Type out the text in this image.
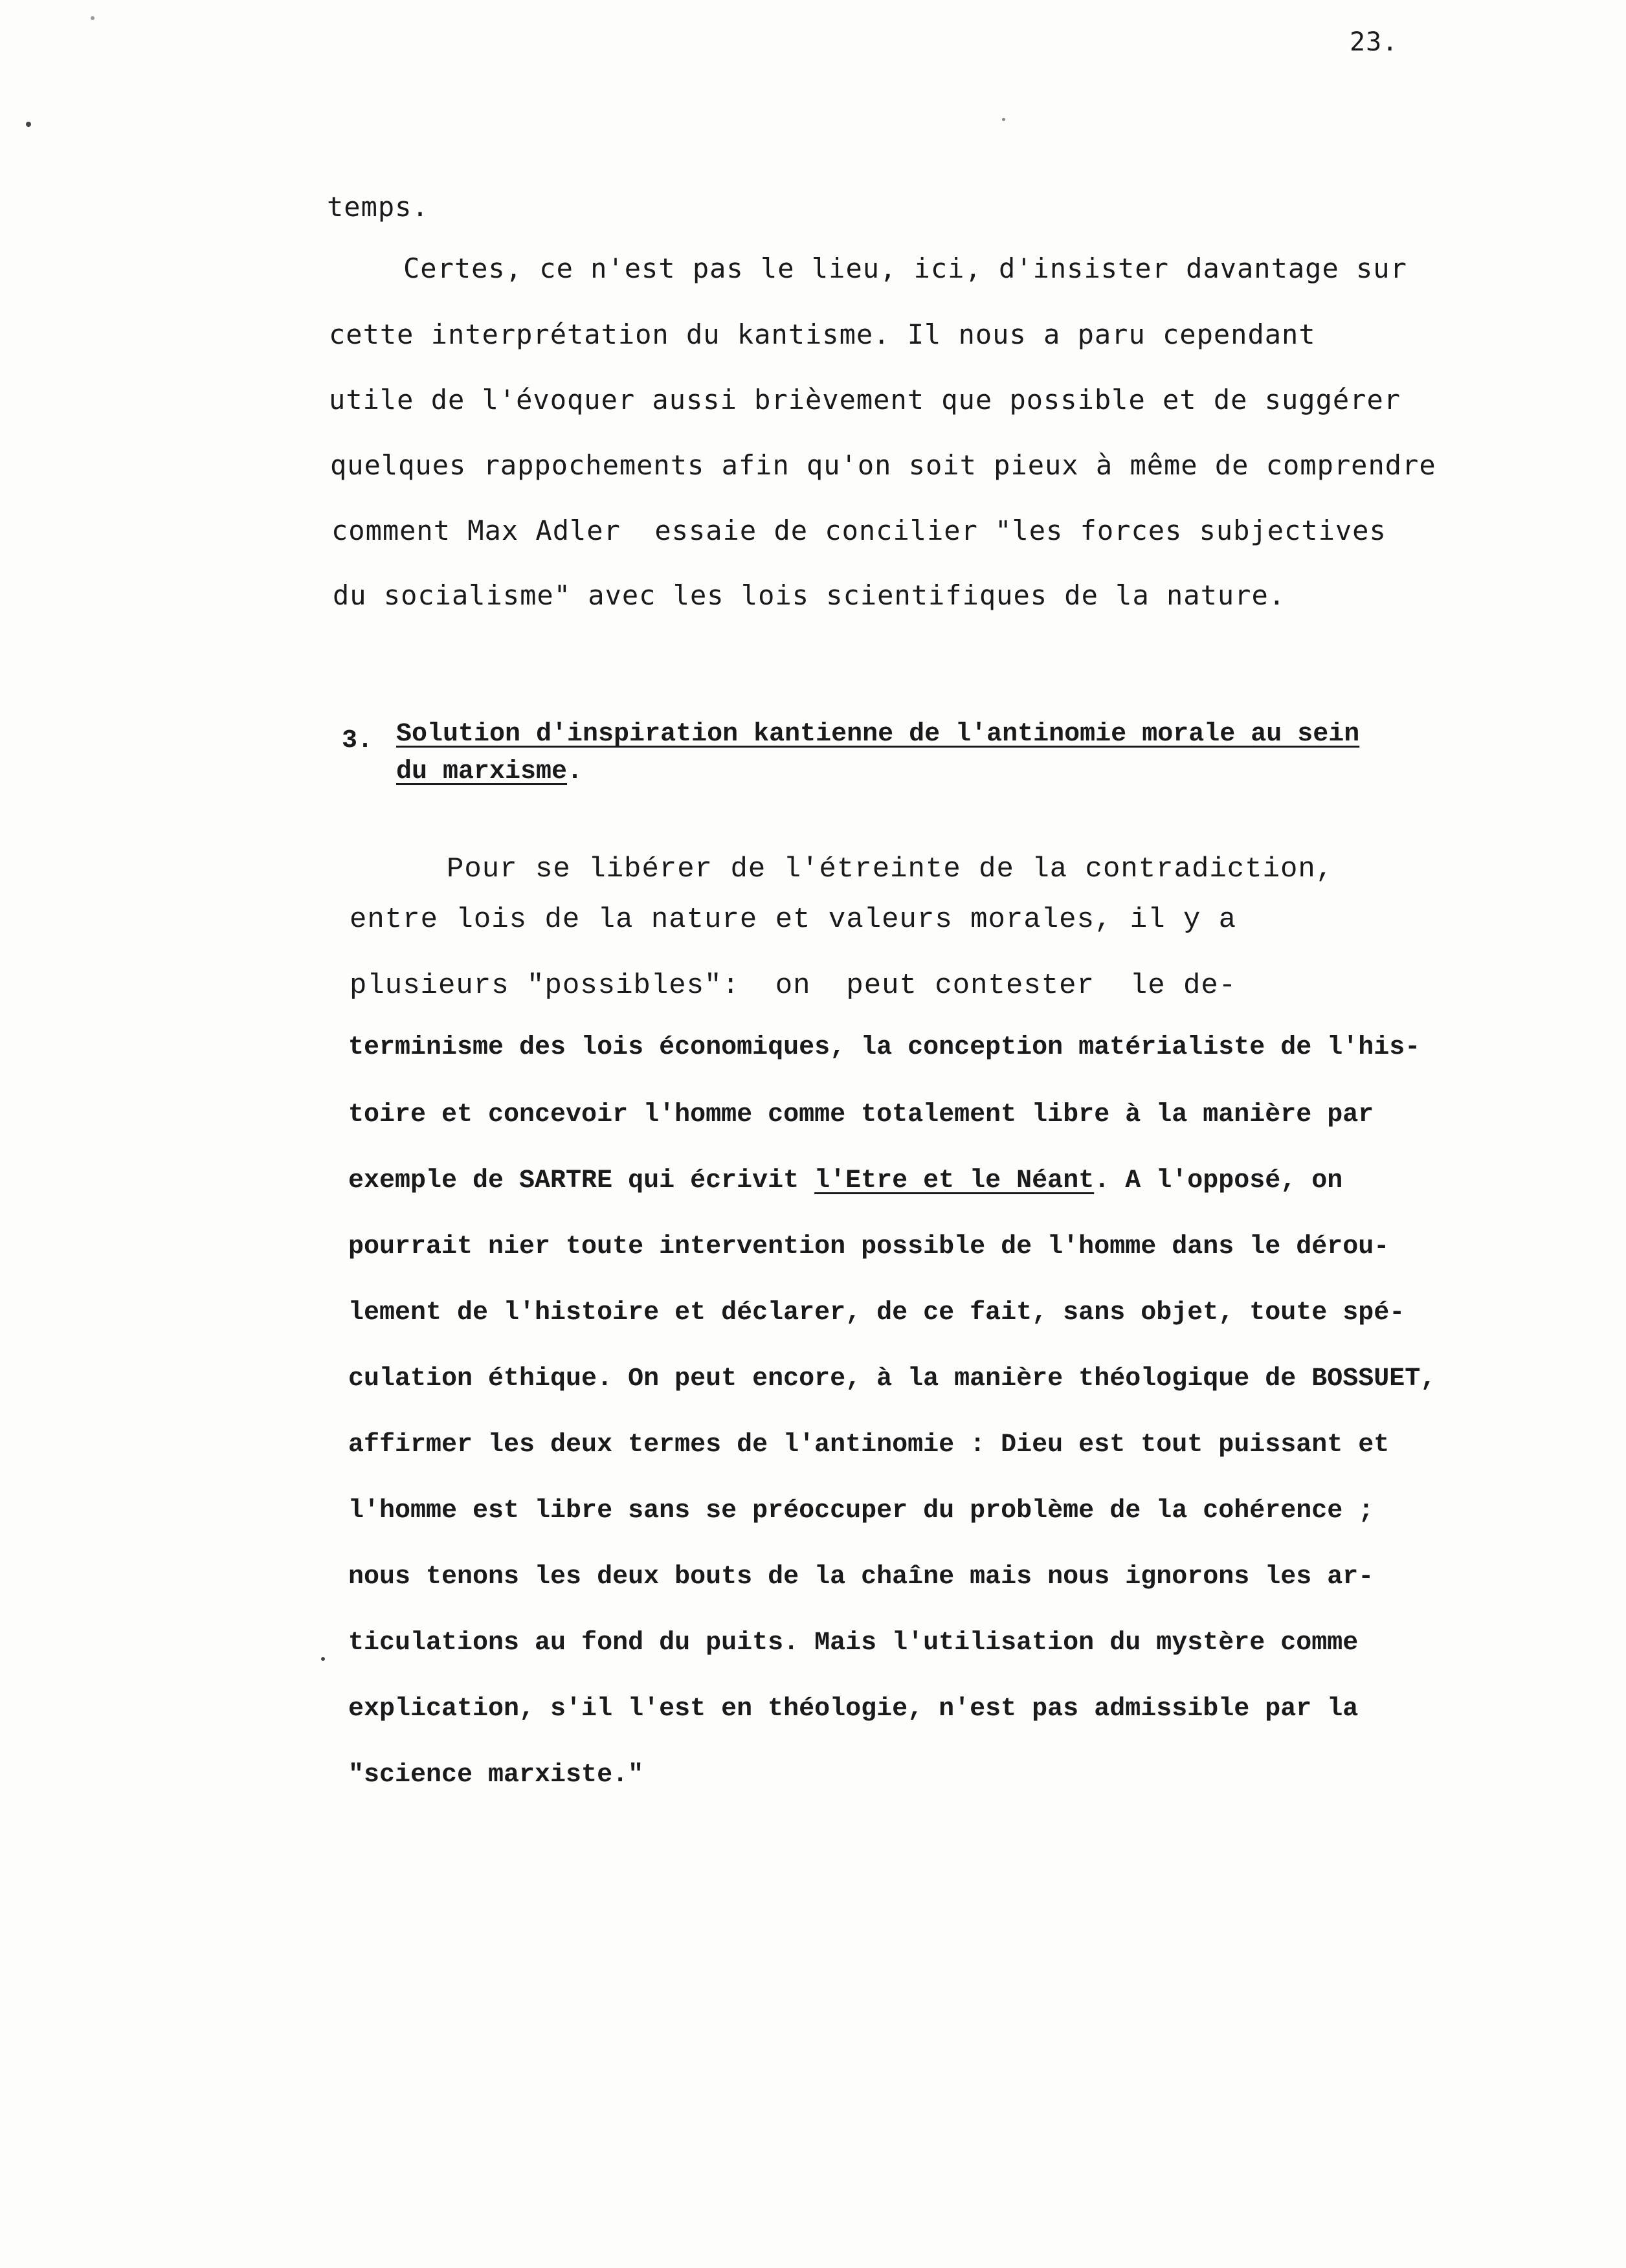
23.
temps.
Certes, ce n'est pas le lieu, ici, d'insister davantage sur
cette interprétation du kantisme. Il nous a paru cependant
utile de l'évoquer aussi brièvement que possible et de suggérer
quelques rappochements afin qu'on soit pieux à même de comprendre
comment Max Adler  essaie de concilier "les forces subjectives
du socialisme" avec les lois scientifiques de la nature.
3. Solution d'inspiration kantienne de l'antinomie morale au sein
du marxisme.
Pour se libérer de l'étreinte de la contradiction,
entre lois de la nature et valeurs morales, il y a
plusieurs "possibles":  on  peut contester  le de-
terminisme des lois économiques, la conception matérialiste de l'his-
toire et concevoir l'homme comme totalement libre à la manière par
exemple de SARTRE qui écrivit l'Etre et le Néant. A l'opposé, on
pourrait nier toute intervention possible de l'homme dans le dérou-
lement de l'histoire et déclarer, de ce fait, sans objet, toute spé-
culation éthique. On peut encore, à la manière théologique de BOSSUET,
affirmer les deux termes de l'antinomie : Dieu est tout puissant et
l'homme est libre sans se préoccuper du problème de la cohérence ;
nous tenons les deux bouts de la chaîne mais nous ignorons les ar-
ticulations au fond du puits. Mais l'utilisation du mystère comme
explication, s'il l'est en théologie, n'est pas admissible par la
"science marxiste."
